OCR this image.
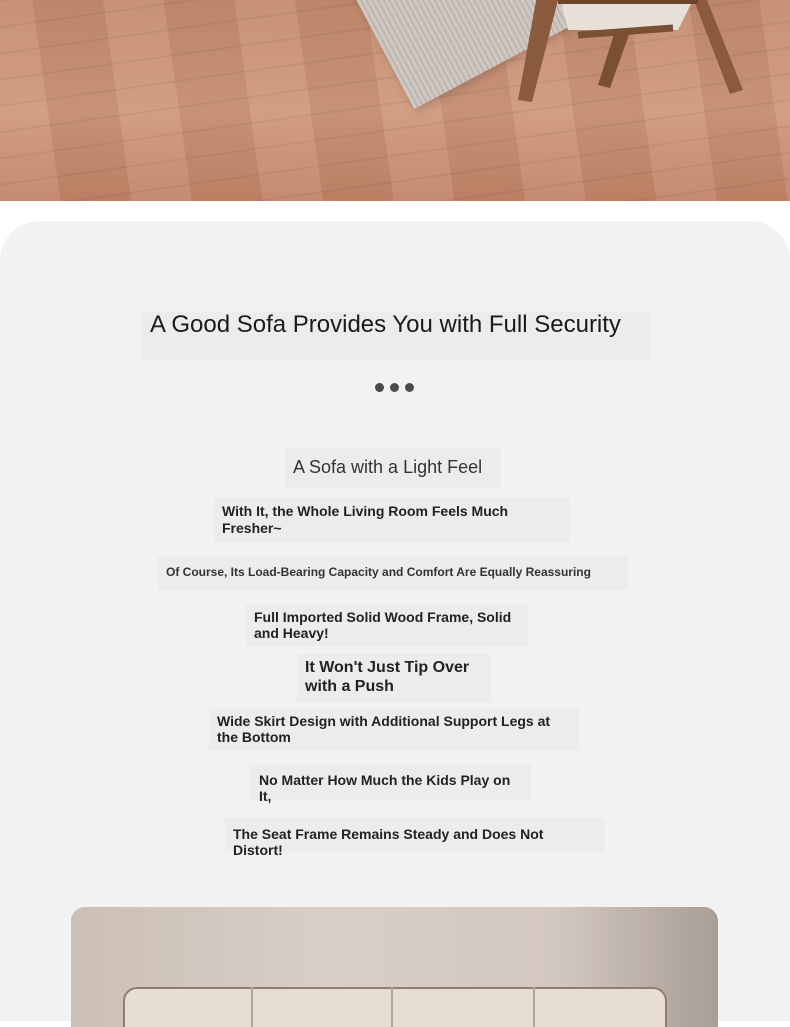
A Good Sofa Provides You with Full Security
A Sofa with a Light Feel
With It, the Whole Living Room Feels Much Fresher~
Of Course, Its Load-Bearing Capacity and Comfort Are Equally Reassuring
Full Imported Solid Wood Frame, Solid and Heavy!
It Won't Just Tip Over with a Push
Wide Skirt Design with Additional Support Legs at the Bottom
No Matter How Much the Kids Play on It,
The Seat Frame Remains Steady and Does Not Distort!
